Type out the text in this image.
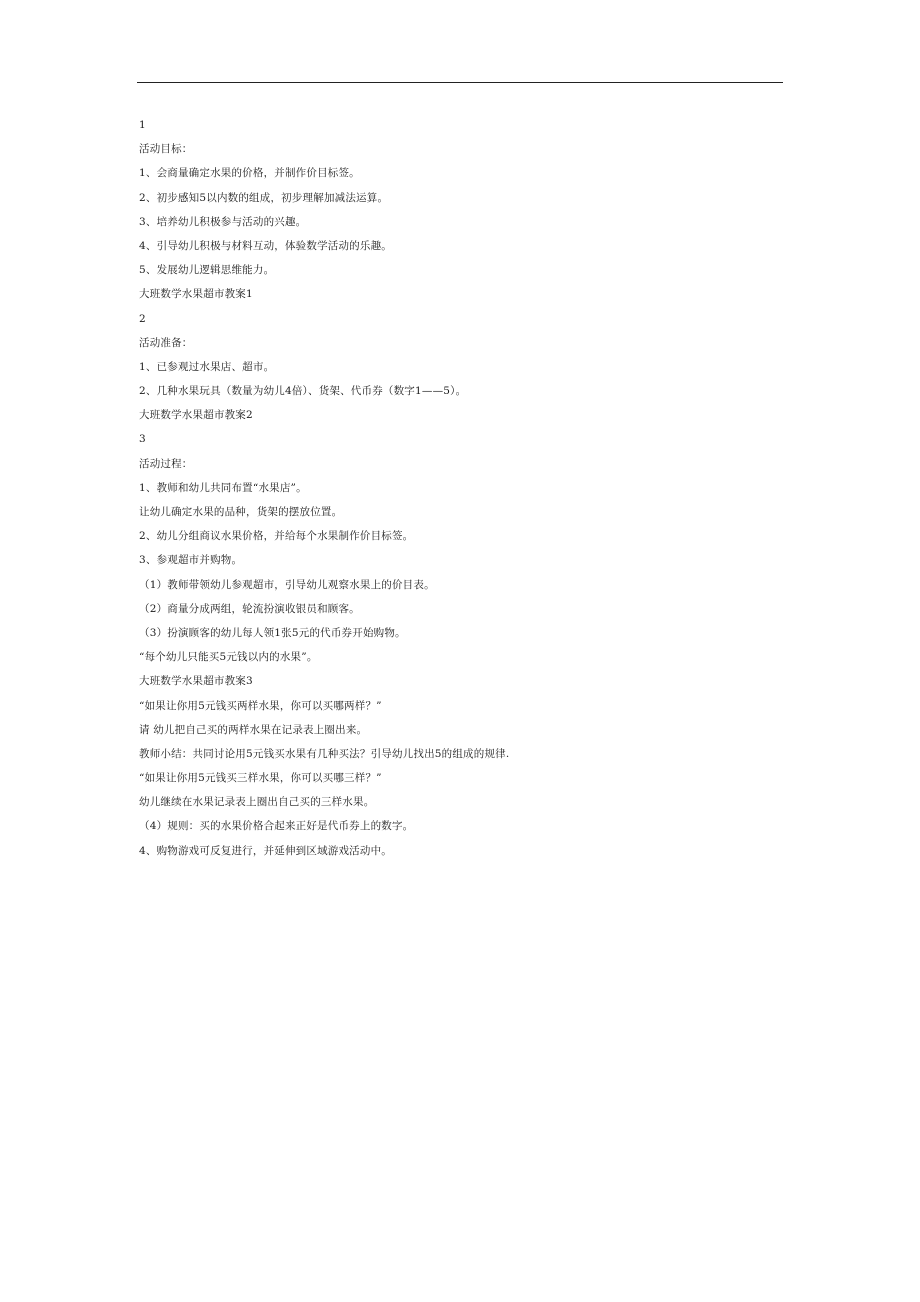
1
活动目标：
1、会商量确定水果的价格，并制作价目标签。
2、初步感知5以内数的组成，初步理解加减法运算。
3、培养幼儿积极参与活动的兴趣。
4、引导幼儿积极与材料互动，体验数学活动的乐趣。
5、发展幼儿逻辑思维能力。
大班数学水果超市教案1
2
活动准备：
1、已参观过水果店、超市。
2、几种水果玩具（数量为幼儿4倍）、货架、代币券（数字1——5）。
大班数学水果超市教案2
3
活动过程：
1、教师和幼儿共同布置“水果店”。
让幼儿确定水果的品种，货架的摆放位置。
2、幼儿分组商议水果价格，并给每个水果制作价目标签。
3、参观超市并购物。
（1）教师带领幼儿参观超市，引导幼儿观察水果上的价目表。
（2）商量分成两组，轮流扮演收银员和顾客。
（3）扮演顾客的幼儿每人领1张5元的代币券开始购物。
“每个幼儿只能买5元钱以内的水果”。
大班数学水果超市教案3
“如果让你用5元钱买两样水果，你可以买哪两样？”
请 幼儿把自己买的两样水果在记录表上圈出来。
教师小结：共同讨论用5元钱买水果有几种买法？引导幼儿找出5的组成的规律.
“如果让你用5元钱买三样水果，你可以买哪三样？”
幼儿继续在水果记录表上圈出自己买的三样水果。
（4）规则：买的水果价格合起来正好是代币券上的数字。
4、购物游戏可反复进行，并延伸到区域游戏活动中。
